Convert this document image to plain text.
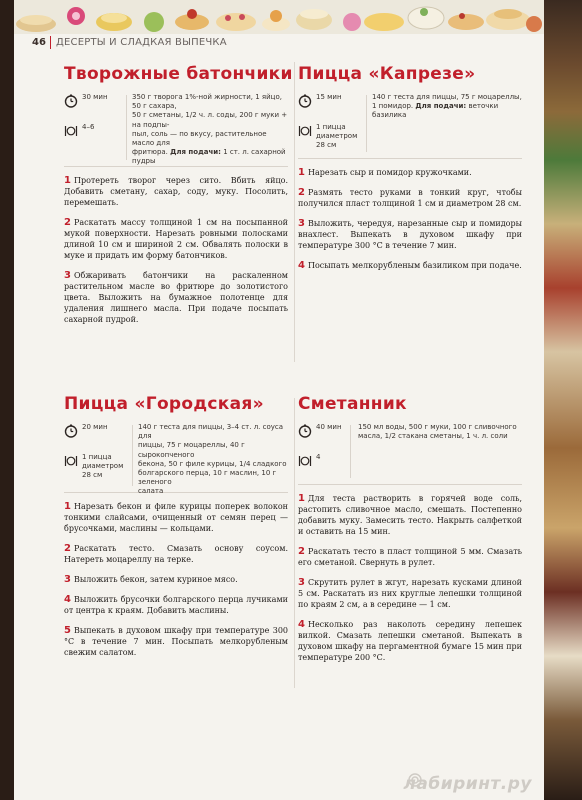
46 ДЕСЕРТЫ И СЛАДКАЯ ВЫПЕЧКА
Творожные батончики
30 мин
4–6
350 г творога 1%-ной жирности, 1 яйцо, 50 г сахара,
50 г сметаны, 1/2 ч. л. соды, 200 г муки + на подпы-
пыл, соль — по вкусу, растительное масло для
фритюра. Для подачи: 1 ст. л. сахарной пудры

1 Протереть творог через сито. Вбить яйцо. Добавить сметану, сахар, соду, муку. Посолить, перемешать.

2 Раскатать массу толщиной 1 см на посыпанной мукой поверхности. Нарезать ровными полосками длиной 10 см и шириной 2 см. Обвалять полоски в муке и придать им форму батончиков.

3 Обжаривать батончики на раскаленном растительном масле во фритюре до золотистого цвета. Выложить на бумажное полотенце для удаления лишнего масла. При подаче посыпать сахарной пудрой.

Пицца «Капрезе»
15 мин
1 пицца диаметром 28 см
140 г теста для пиццы, 75 г моцареллы,
1 помидор. Для подачи: веточки базилика

1 Нарезать сыр и помидор кружочками.

2 Размять тесто руками в тонкий круг, чтобы получился пласт толщиной 1 см и диаметром 28 см.

3 Выложить, чередуя, нарезанные сыр и помидоры внахлест. Выпекать в духовом шкафу при температуре 300 °С в течение 7 мин.

4 Посыпать мелкорубленым базиликом при подаче.

Пицца «Городская»
20 мин
1 пицца диаметром 28 см
140 г теста для пиццы, 3–4 ст. л. соуса для
пиццы, 75 г моцареллы, 40 г сырокопченого
бекона, 50 г филе курицы, 1/4 сладкого
болгарского перца, 10 г маслин, 10 г зеленого
салата

1 Нарезать бекон и филе курицы поперек волокон тонкими слайсами, очищенный от семян перец — брусочками, маслины — кольцами.

2 Раскатать тесто. Смазать основу соусом. Натереть моцареллу на терке.

3 Выложить бекон, затем куриное мясо.

4 Выложить брусочки болгарского перца лучиками от центра к краям. Добавить маслины.

5 Выпекать в духовом шкафу при температуре 300 °С в течение 7 мин. Посыпать мелкорубленым свежим салатом.

Сметанник
40 мин
4
150 мл воды, 500 г муки, 100 г сливочного
масла, 1/2 стакана сметаны, 1 ч. л. соли

1 Для теста растворить в горячей воде соль, растопить сливочное масло, смешать. Постепенно добавить муку. Замесить тесто. Накрыть салфеткой и оставить на 15 мин.

2 Раскатать тесто в пласт толщиной 5 мм. Смазать его сметаной. Свернуть в рулет.

3 Скрутить рулет в жгут, нарезать кусками длиной 5 см. Раскатать из них круглые лепешки толщиной по краям 2 см, а в середине — 1 см.

4 Несколько раз наколоть середину лепешек вилкой. Смазать лепешки сметаной. Выпекать в духовом шкафу на пергаментной бумаге 15 мин при температуре 200 °С.

лабиринт.ру
